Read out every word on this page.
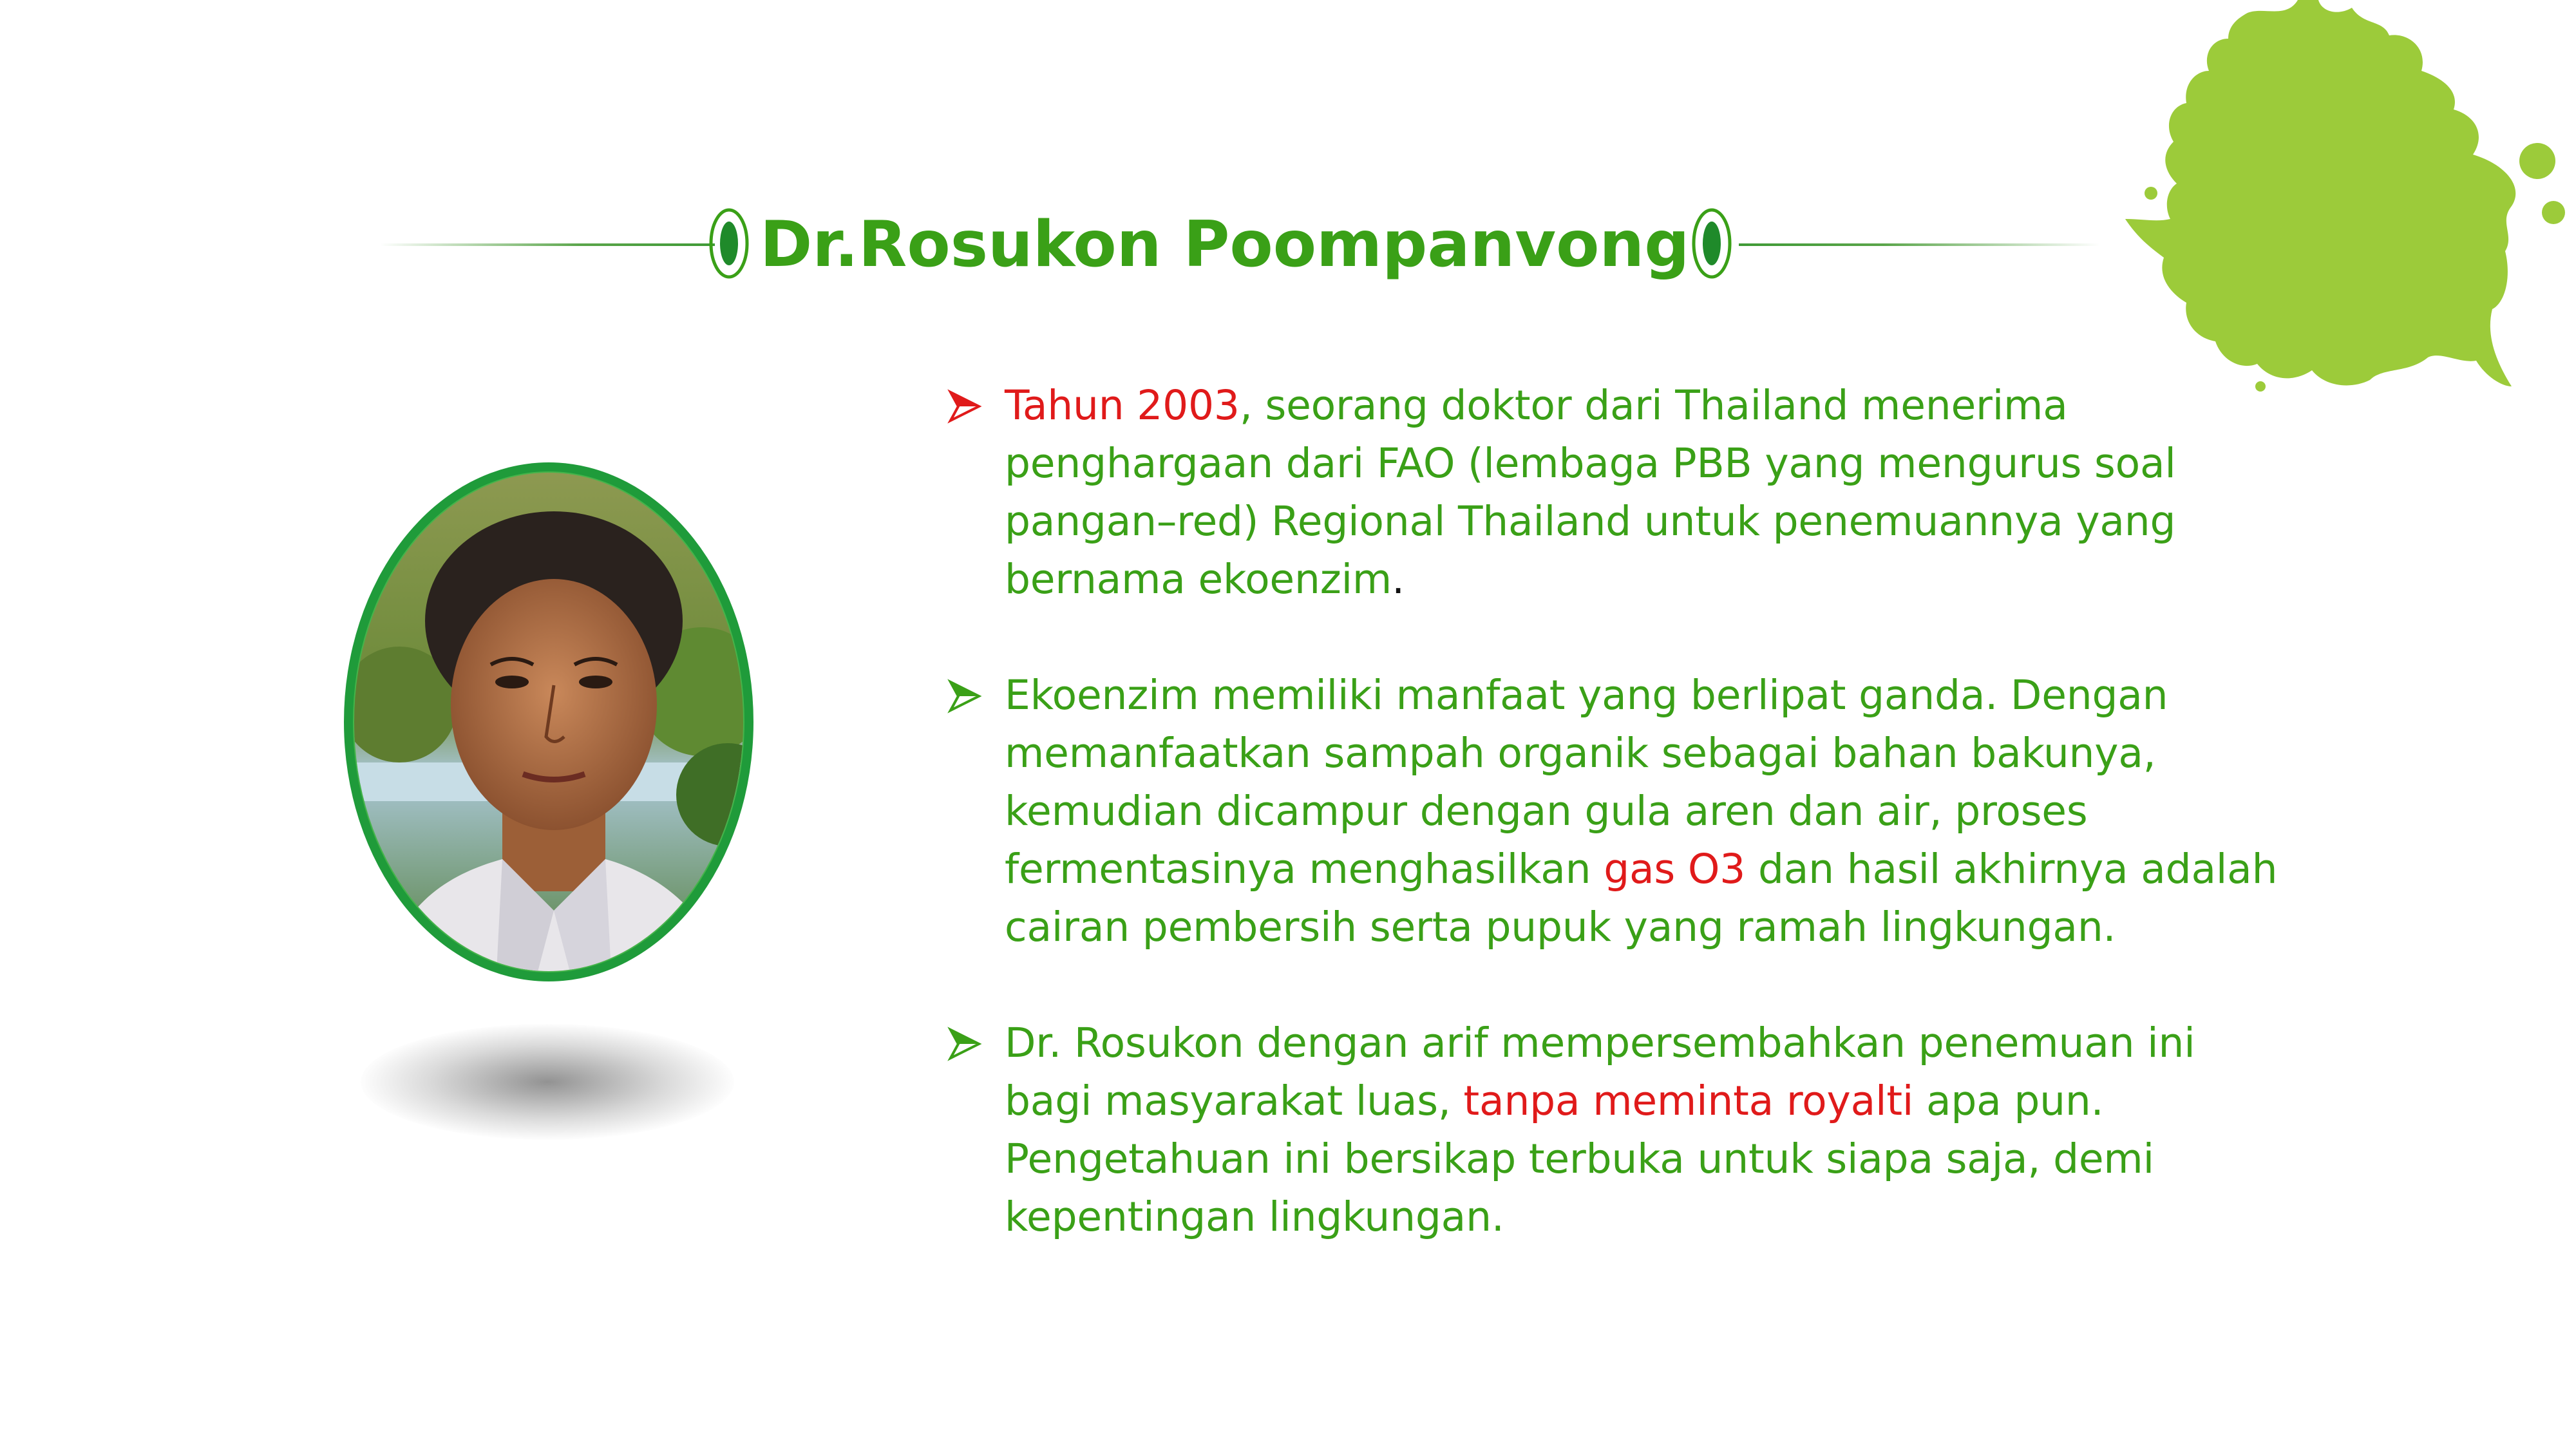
Dr.Rosukon Poompanvong

Tahun 2003, seorang doktor dari Thailand menerima penghargaan dari FAO (lembaga PBB yang mengurus soal pangan–red) Regional Thailand untuk penemuannya yang bernama ekoenzim.

Ekoenzim memiliki manfaat yang berlipat ganda. Dengan memanfaatkan sampah organik sebagai bahan bakunya, kemudian dicampur dengan gula aren dan air, proses fermentasinya menghasilkan gas O3 dan hasil akhirnya adalah cairan pembersih serta pupuk yang ramah lingkungan.

Dr. Rosukon dengan arif mempersembahkan penemuan ini bagi masyarakat luas, tanpa meminta royalti apa pun. Pengetahuan ini bersikap terbuka untuk siapa saja, demi kepentingan lingkungan.
